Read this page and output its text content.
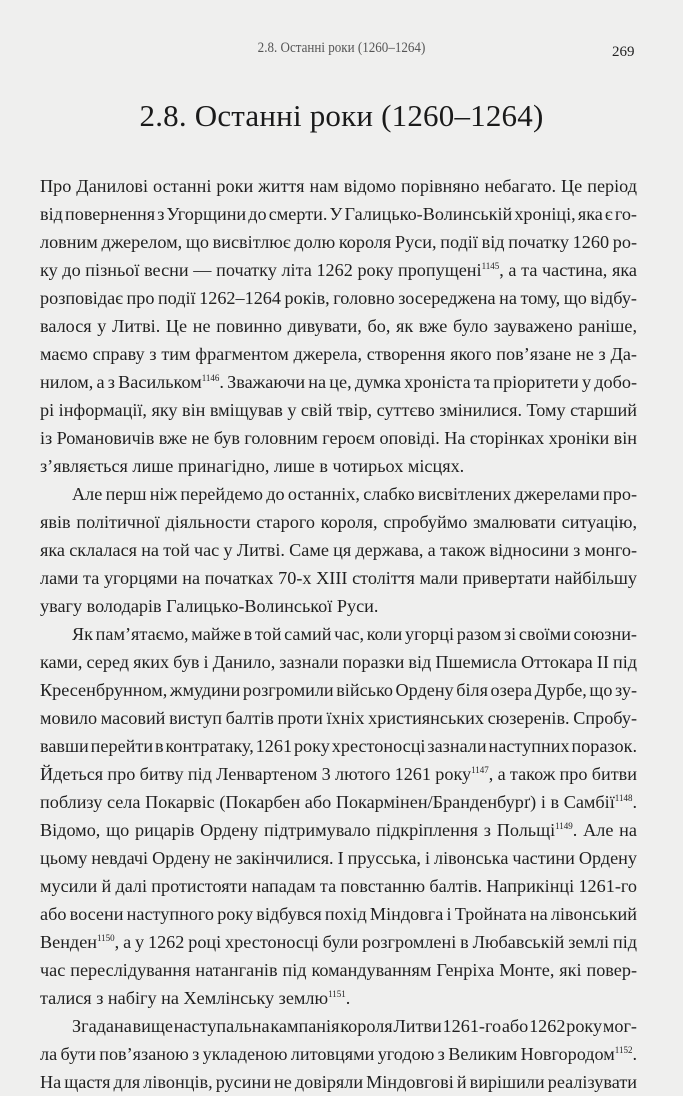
2.8. Останні роки (1260–1264)	269
2.8. Останні роки (1260–1264)
Про Данилові останні роки життя нам відомо порівняно небагато. Це період
від повернення з Угорщини до смерти. У Галицько-Волинській хроніці, яка є го-
ловним джерелом, що висвітлює долю короля Руси, події від початку 1260 ро-
ку до пізньої весни — початку літа 1262 року пропущені$^{1145}$, а та частина, яка
розповідає про події 1262–1264 років, головно зосереджена на тому, що відбу-
валося у Литві. Це не повинно дивувати, бо, як вже було зауважено раніше,
маємо справу з тим фрагментом джерела, створення якого пов’язане не з Да-
нилом, а з Васильком$^{1146}$. Зважаючи на це, думка хроніста та пріоритети у добо-
рі інформації, яку він вміщував у свій твір, суттєво змінилися. Тому старший
із Романовичів вже не був головним героєм оповіді. На сторінках хроніки він
з’являється лише принагідно, лише в чотирьох місцях.
Але перш ніж перейдемо до останніх, слабко висвітлених джерелами про-
явів політичної діяльности старого короля, спробуймо змалювати ситуацію,
яка склалася на той час у Литві. Саме ця держава, а також відносини з монго-
лами та угорцями на початках 70-х XIII століття мали привертати найбільшу
увагу володарів Галицько-Волинської Руси.
Як пам’ятаємо, майже в той самий час, коли угорці разом зі своїми союзни-
ками, серед яких був і Данило, зазнали поразки від Пшемисла Оттокара II під
Кресенбрунном, жмудини розгромили військо Ордену біля озера Дурбе, що зу-
мовило масовий виступ балтів проти їхніх християнських сюзеренів. Спробу-
вавши перейти в контратаку, 1261 року хрестоносці зазнали наступних поразок.
Йдеться про битву під Ленвартеном 3 лютого 1261 року$^{1147}$, а також про битви
поблизу села Покарвіс (Покарбен або Покармінен/Бранденбурґ) і в Самбії$^{1148}$.
Відомо, що рицарів Ордену підтримувало підкріплення з Польщі$^{1149}$. Але на
цьому невдачі Ордену не закінчилися. І прусська, і лівонська частини Ордену
мусили й далі протистояти нападам та повстанню балтів. Наприкінці 1261-го
або восени наступного року відбувся похід Міндовга і Тройната на лівонський
Венден$^{1150}$, а у 1262 році хрестоносці були розгромлені в Любавській землі під
час переслідування натанганів під командуванням Генріха Монте, які повер-
талися з набігу на Хемлінську землю$^{1151}$.
Згадана вище наступальна кампанія короля Литви 1261-го або 1262 року мог-
ла бути пов’язаною з укладеною литовцями угодою з Великим Новгородом$^{1152}$.
На щастя для лівонців, русини не довіряли Міндовгові й вирішили реалізувати
